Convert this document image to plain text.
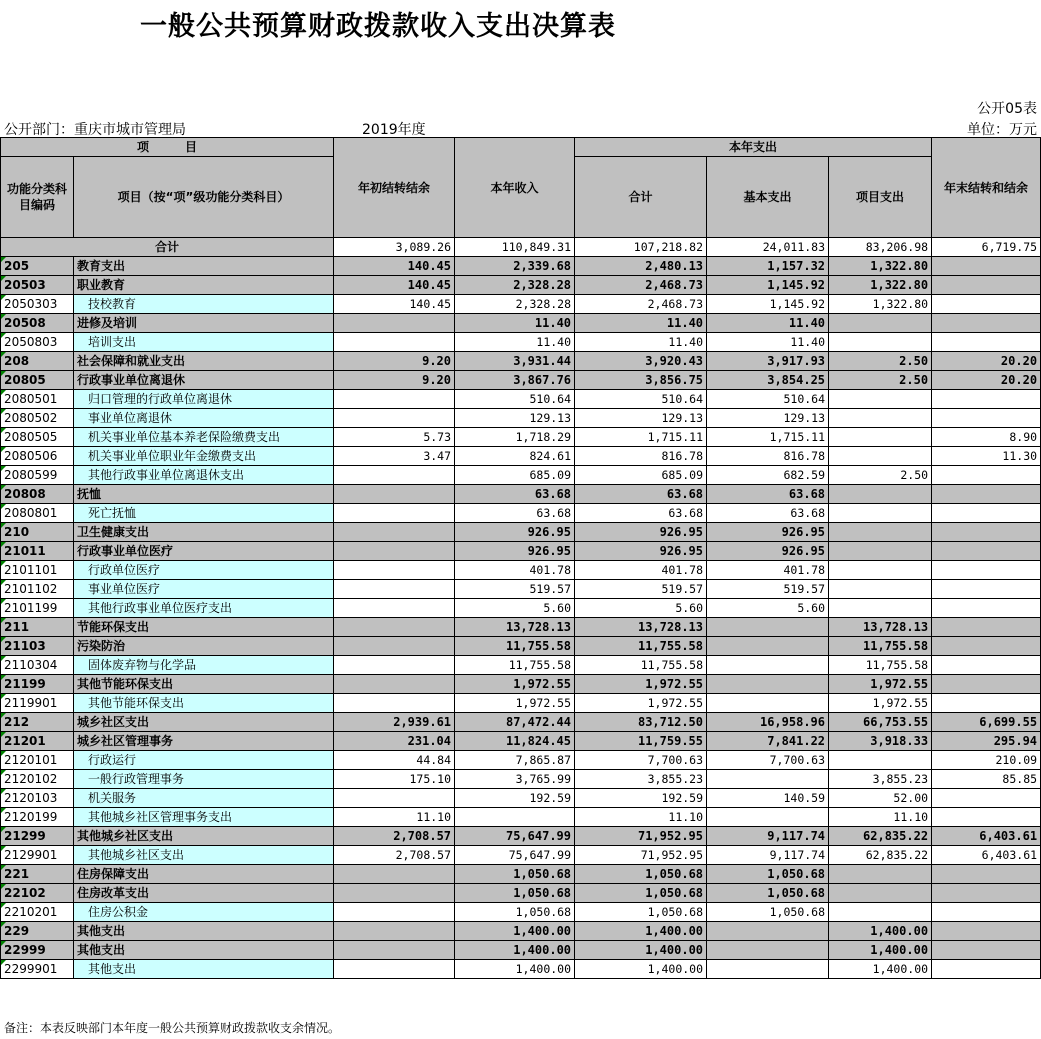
一般公共预算财政拨款收入支出决算表
公开05表
公开部门：重庆市城市管理局	2019年度	单位：万元
项　　　目		年初结转结余	本年收入	本年支出			年末结转和结余
功能分类科目编码	项目（按“项”级功能分类科目）			合计	基本支出	项目支出	
合计		3,089.26	110,849.31	107,218.82	24,011.83	83,206.98	6,719.75
205	教育支出	140.45	2,339.68	2,480.13	1,157.32	1,322.80	
20503	职业教育	140.45	2,328.28	2,468.73	1,145.92	1,322.80	
2050303	技校教育	140.45	2,328.28	2,468.73	1,145.92	1,322.80	
20508	进修及培训		11.40	11.40	11.40		
2050803	培训支出		11.40	11.40	11.40		
208	社会保障和就业支出	9.20	3,931.44	3,920.43	3,917.93	2.50	20.20
20805	行政事业单位离退休	9.20	3,867.76	3,856.75	3,854.25	2.50	20.20
2080501	归口管理的行政单位离退休		510.64	510.64	510.64		
2080502	事业单位离退休		129.13	129.13	129.13		
2080505	机关事业单位基本养老保险缴费支出	5.73	1,718.29	1,715.11	1,715.11		8.90
2080506	机关事业单位职业年金缴费支出	3.47	824.61	816.78	816.78		11.30
2080599	其他行政事业单位离退休支出		685.09	685.09	682.59	2.50	
20808	抚恤		63.68	63.68	63.68		
2080801	死亡抚恤		63.68	63.68	63.68		
210	卫生健康支出		926.95	926.95	926.95		
21011	行政事业单位医疗		926.95	926.95	926.95		
2101101	行政单位医疗		401.78	401.78	401.78		
2101102	事业单位医疗		519.57	519.57	519.57		
2101199	其他行政事业单位医疗支出		5.60	5.60	5.60		
211	节能环保支出		13,728.13	13,728.13		13,728.13	
21103	污染防治		11,755.58	11,755.58		11,755.58	
2110304	固体废弃物与化学品		11,755.58	11,755.58		11,755.58	
21199	其他节能环保支出		1,972.55	1,972.55		1,972.55	
2119901	其他节能环保支出		1,972.55	1,972.55		1,972.55	
212	城乡社区支出	2,939.61	87,472.44	83,712.50	16,958.96	66,753.55	6,699.55
21201	城乡社区管理事务	231.04	11,824.45	11,759.55	7,841.22	3,918.33	295.94
2120101	行政运行	44.84	7,865.87	7,700.63	7,700.63		210.09
2120102	一般行政管理事务	175.10	3,765.99	3,855.23		3,855.23	85.85
2120103	机关服务		192.59	192.59	140.59	52.00	
2120199	其他城乡社区管理事务支出	11.10		11.10		11.10	
21299	其他城乡社区支出	2,708.57	75,647.99	71,952.95	9,117.74	62,835.22	6,403.61
2129901	其他城乡社区支出	2,708.57	75,647.99	71,952.95	9,117.74	62,835.22	6,403.61
221	住房保障支出		1,050.68	1,050.68	1,050.68		
22102	住房改革支出		1,050.68	1,050.68	1,050.68		
2210201	住房公积金		1,050.68	1,050.68	1,050.68		
229	其他支出		1,400.00	1,400.00		1,400.00	
22999	其他支出		1,400.00	1,400.00		1,400.00	
2299901	其他支出		1,400.00	1,400.00		1,400.00	
备注：本表反映部门本年度一般公共预算财政拨款收支余情况。
